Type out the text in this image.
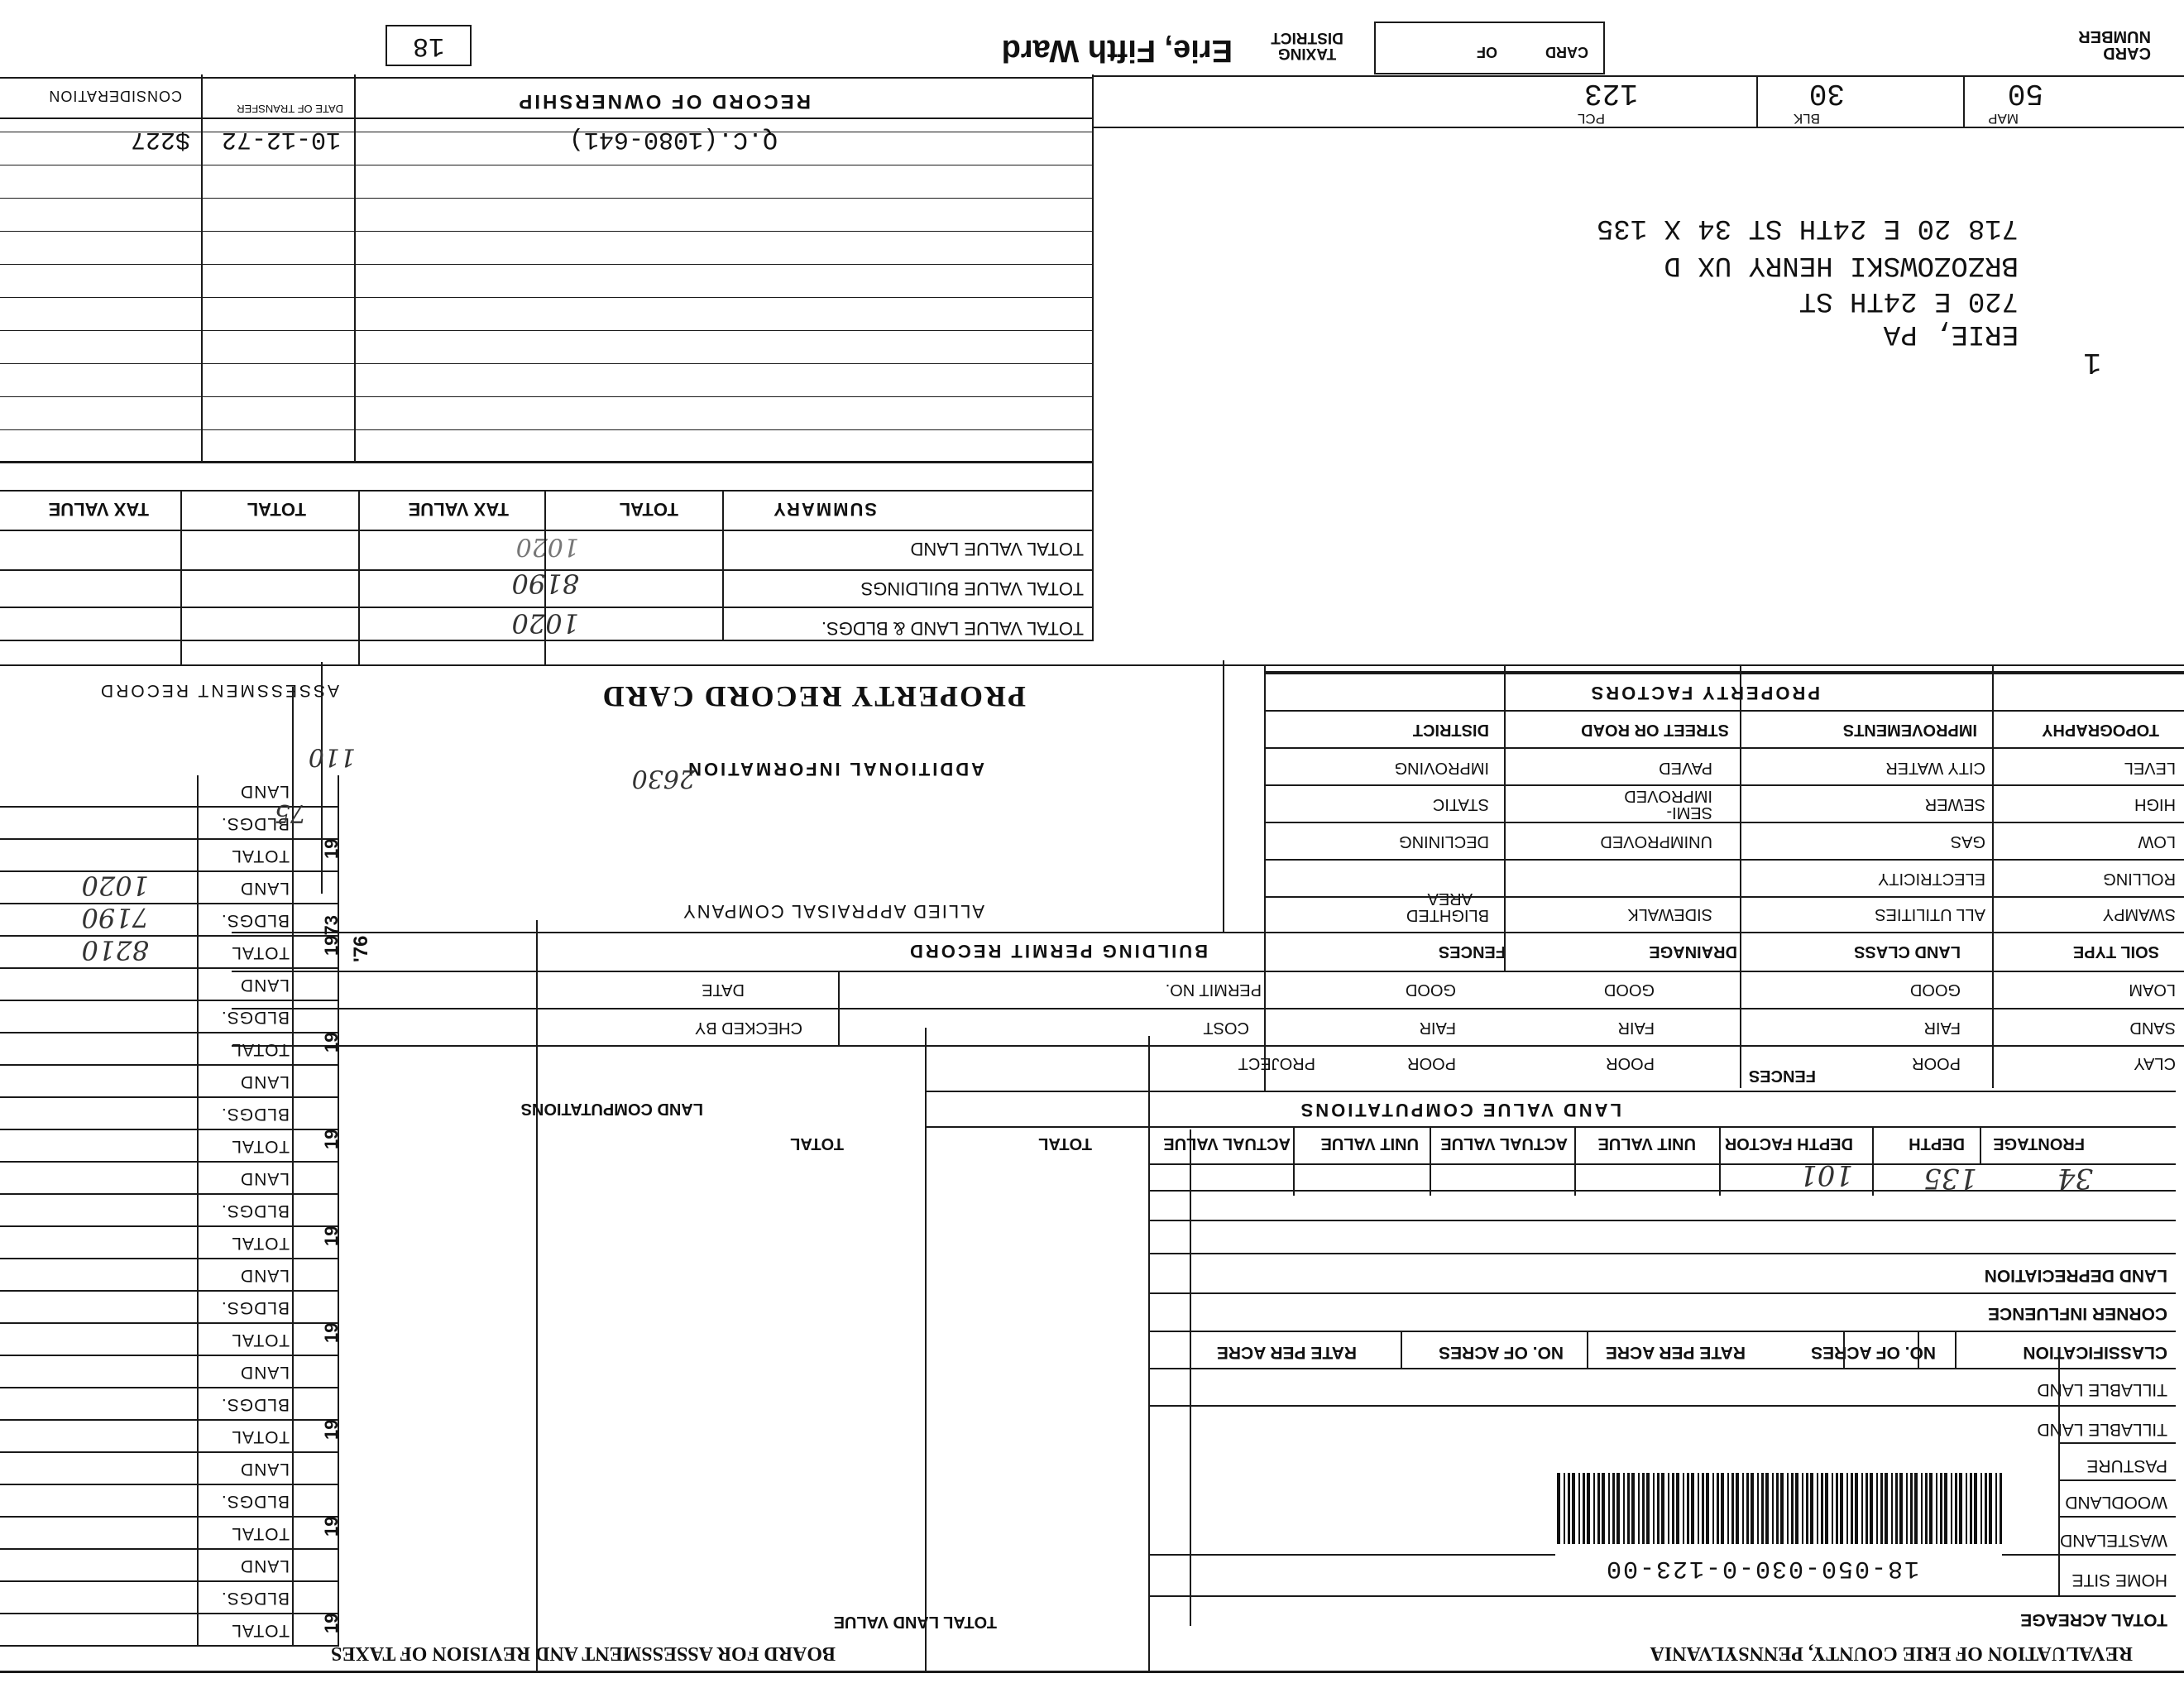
REVALUATION OF ERIE COUNTY, PENNSYLVANIA
BOARD FOR ASSESSMENT AND REVISION OF TAXES
TOTAL ACREAGE
HOME SITE
WASTELAND
WOODLAND
PASTURE
TILLABLE LAND
TILLABLE LAND
CLASSIFICATION
NO. OF ACRES
RATE PER ACRE
NO. OF ACRES
RATE PER ACRE
CORNER INFLUENCE
LAND DEPRECIATION
TOTAL LAND VALUE
18-050-030-0-123-00
FRONTAGE
DEPTH
DEPTH FACTOR
UNIT VALUE
ACTUAL VALUE
UNIT VALUE
ACTUAL VALUE
TOTAL
TOTAL
LAND VALUE COMPUTATIONS
LAND COMPUTATIONS
34
135
101
FENCES
CLAY
POOR
POOR
POOR
PROJECT
SAND
FAIR
FAIR
FAIR
COST
CHECKED BY
LOAM
GOOD
GOOD
GOOD
PERMIT NO.
DATE
SOIL TYPE
LAND CLASS
DRAINAGE
FENCES
BUILDING PERMIT RECORD
SWAMPY
ALL UTILITIES
SIDEWALK
BLIGHTED
AREA
ALLIED APPRAISAL COMPANY
ROLLING
ELECTRICITY
LOW
GAS
UNIMPROVED
DECLINING
HIGH
SEWER
SEMI-
IMPROVED
STATIC
LEVEL
CITY WATER
PAVED
IMPROVING
ADDITIONAL INFORMATION
TOPOGRAPHY
IMPROVEMENTS
STREET OR ROAD
DISTRICT
PROPERTY FACTORS
PROPERTY RECORD CARD
ASSESSMENT RECORD
TOTAL
BLDGS.
LAND
19
TOTAL
BLDGS.
LAND
19
TOTAL
BLDGS.
LAND
19
TOTAL
BLDGS.
LAND
19
TOTAL
BLDGS.
LAND
19
TOTAL
BLDGS.
LAND
19
TOTAL
BLDGS.
LAND
19
TOTAL
BLDGS.
LAND
1973
TOTAL
BLDGS.
LAND
19
8210
7190
1020
'76
TOTAL VALUE LAND & BLDGS.
1020
TOTAL VALUE BUILDINGS
8190
TOTAL VALUE LAND
1020
SUMMARY
TOTAL
TAX VALUE
TOTAL
TAX VALUE
Q.C.(1080-641)
10-12-72
$227
RECORD OF OWNERSHIP
DATE OF TRANSFER
CONSIDERATION
1
ERIE, PA
720 E 24TH ST
BRZOZOWSKI HENRY UX D
718 20 E 24TH ST 34 X 135
MAP
50
BLK
30
PCL
123
CARD NUMBER
CARD
OF
TAXING DISTRICT
Erie, Fifth Ward
18
2630
75
110
